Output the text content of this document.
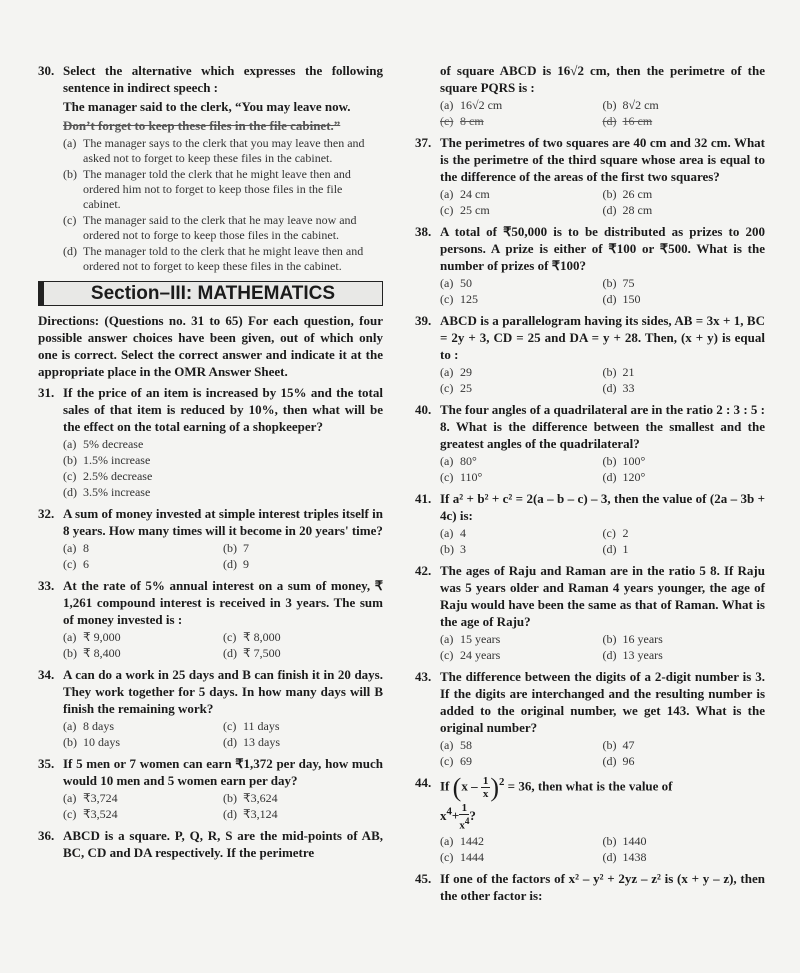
30. Select the alternative which expresses the following sentence in indirect speech :
The manager said to the clerk, “You may leave now.
Don’t forget to keep these files in the file cabinet.”
(a) The manager says to the clerk that you may leave then and asked not to forget to keep these files in the cabinet.
(b) The manager told the clerk that he might leave then and ordered him not to forget to keep those files in the file cabinet.
(c) The manager said to the clerk that he may leave now and ordered not to forge to keep those files in the cabinet.
(d) The manager told to the clerk that he might leave then and ordered not to forget to keep these files in the cabinet.
Section–III: MATHEMATICS
Directions: (Questions no. 31 to 65) For each question, four possible answer choices have been given, out of which only one is correct. Select the correct answer and indicate it at the appropriate place in the OMR Answer Sheet.
31. If the price of an item is increased by 15% and the total sales of that item is reduced by 10%, then what will be the effect on the total earning of a shopkeeper?
(a) 5% decrease
(b) 1.5% increase
(c) 2.5% decrease
(d) 3.5% increase
32. A sum of money invested at simple interest triples itself in 8 years. How many times will it become in 20 years' time?
(a) 8	(b) 7
(c) 6	(d) 9
33. At the rate of 5% annual interest on a sum of money, ₹ 1,261 compound interest is received in 3 years. The sum of money invested is :
(a) ₹ 9,000	(c) ₹ 8,000
(b) ₹ 8,400	(d) ₹ 7,500
34. A can do a work in 25 days and B can finish it in 20 days. They work together for 5 days. In how many days will B finish the remaining work?
(a) 8 days	(c) 11 days
(b) 10 days	(d) 13 days
35. If 5 men or 7 women can earn ₹1,372 per day, how much would 10 men and 5 women earn per day?
(a) ₹3,724	(b) ₹3,624
(c) ₹3,524	(d) ₹3,124
36. ABCD is a square. P, Q, R, S are the mid-points of AB, BC, CD and DA respectively. If the perimetre
of square ABCD is 16√2 cm, then the perimetre of the square PQRS is :
(a) 16√2 cm	(b) 8√2 cm
(c) 8 cm	(d) 16 cm
37. The perimetres of two squares are 40 cm and 32 cm. What is the perimetre of the third square whose area is equal to the difference of the areas of the first two squares?
(a) 24 cm	(b) 26 cm
(c) 25 cm	(d) 28 cm
38. A total of ₹50,000 is to be distributed as prizes to 200 persons. A prize is either of ₹100 or ₹500. What is the number of prizes of ₹100?
(a) 50	(b) 75
(c) 125	(d) 150
39. ABCD is a parallelogram having its sides, AB = 3x + 1, BC = 2y + 3, CD = 25 and DA = y + 28. Then, (x + y) is equal to :
(a) 29	(b) 21
(c) 25	(d) 33
40. The four angles of a quadrilateral are in the ratio 2 : 3 : 5 : 8. What is the difference between the smallest and the greatest angles of the quadrilateral?
(a) 80°	(b) 100°
(c) 110°	(d) 120°
41. If a² + b² + c² = 2(a – b – c) – 3, then the value of (2a – 3b + 4c) is:
(a) 4	(c) 2
(b) 3	(d) 1
42. The ages of Raju and Raman are in the ratio 5 8. If Raju was 5 years older and Raman 4 years younger, the age of Raju would have been the same as that of Raman. What is the age of Raju?
(a) 15 years	(b) 16 years
(c) 24 years	(d) 13 years
43. The difference between the digits of a 2-digit number is 3. If the digits are interchanged and the resulting number is added to the original number, we get 143. What is the original number?
(a) 58	(b) 47
(c) 69	(d) 96
44. If $(x - \frac{1}{x} )^2 = 36$, then what is the value of
$x^4+ \frac{1}{x^4}$ ?
(a) 1442	(b) 1440
(c) 1444	(d) 1438
45. If one of the factors of x² – y² + 2yz – z² is (x + y – z), then the other factor is:
